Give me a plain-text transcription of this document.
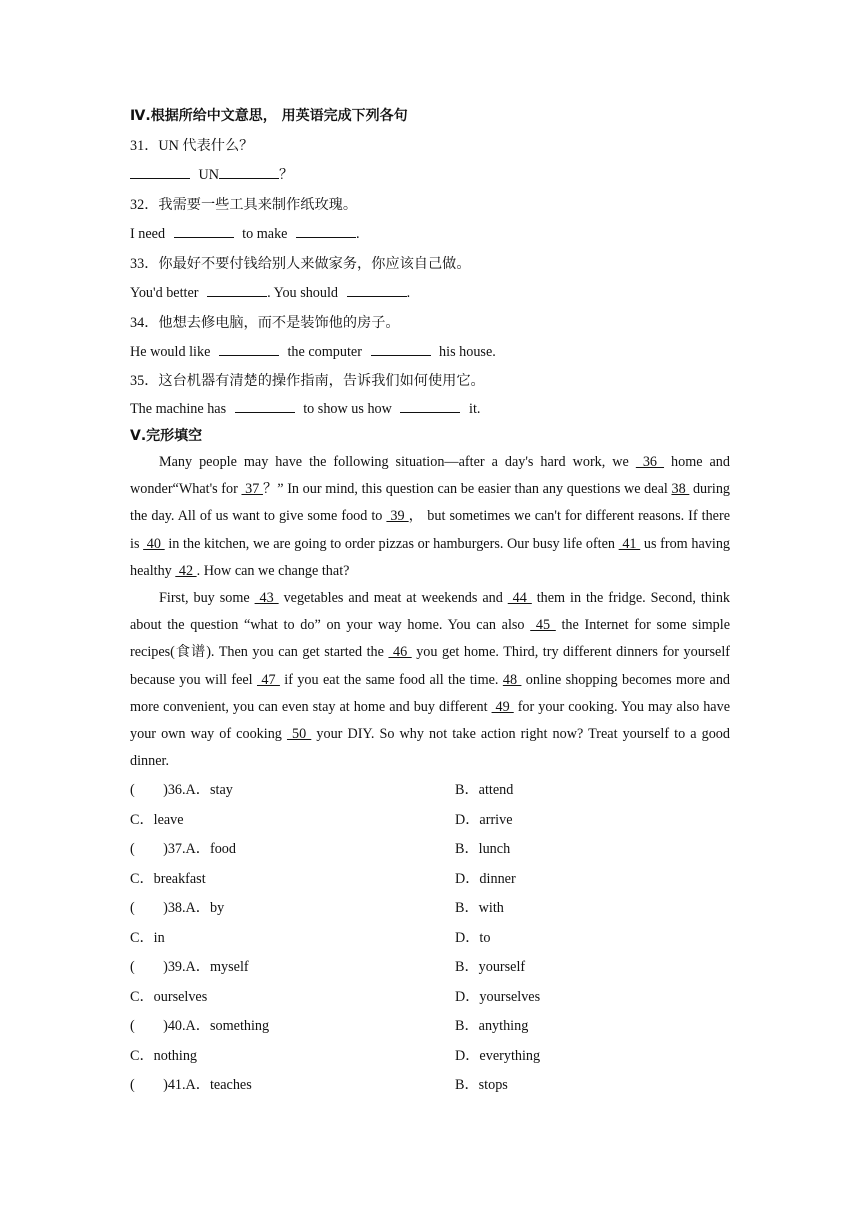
Ⅳ.根据所给中文意思， 用英语完成下列各句
31．UN 代表什么？
UN	？
32．我需要一些工具来制作纸玫瑰。
I need	to make	.
33．你最好不要付钱给别人来做家务，你应该自己做。
You'd better	. You should	.
34．他想去修电脑，而不是装饰他的房子。
He would like	the computer	his house.
35．这台机器有清楚的操作指南，告诉我们如何使用它。
The machine has	to show us how	it.
Ⅴ.完形填空

Many people may have the following situation—after a day's hard work, we  36  home and wonder“What's for  37 ？” In our mind, this question can be easier than any questions we deal 38  during the day. All of us want to give some food to  39 ， but sometimes we can't for different reasons. If there is  40  in the kitchen, we are going to order pizzas or hamburgers. Our busy life often  41  us from having healthy  42 . How can we change that?

First, buy some  43  vegetables and meat at weekends and  44  them in the fridge. Second, think about the question “what to do” on your way home. You can also  45  the Internet for some simple recipes(食谱). Then you can get started the  46  you get home. Third, try different dinners for yourself because you will feel  47  if you eat the same food all the time. 48  online shopping becomes more and more convenient, you can even stay at home and buy different  49  for your cooking. You may also have your own way of cooking  50  your DIY. So why not take action right now? Treat yourself to a good dinner.

(        )36.A．stay	B．attend
C．leave	D．arrive
(        )37.A．food	B．lunch
C．breakfast	D．dinner
(        )38.A．by	B．with
C．in	D．to
(        )39.A．myself	B．yourself
C．ourselves	D．yourselves
(        )40.A．something	B．anything
C．nothing	D．everything
(        )41.A．teaches	B．stops
